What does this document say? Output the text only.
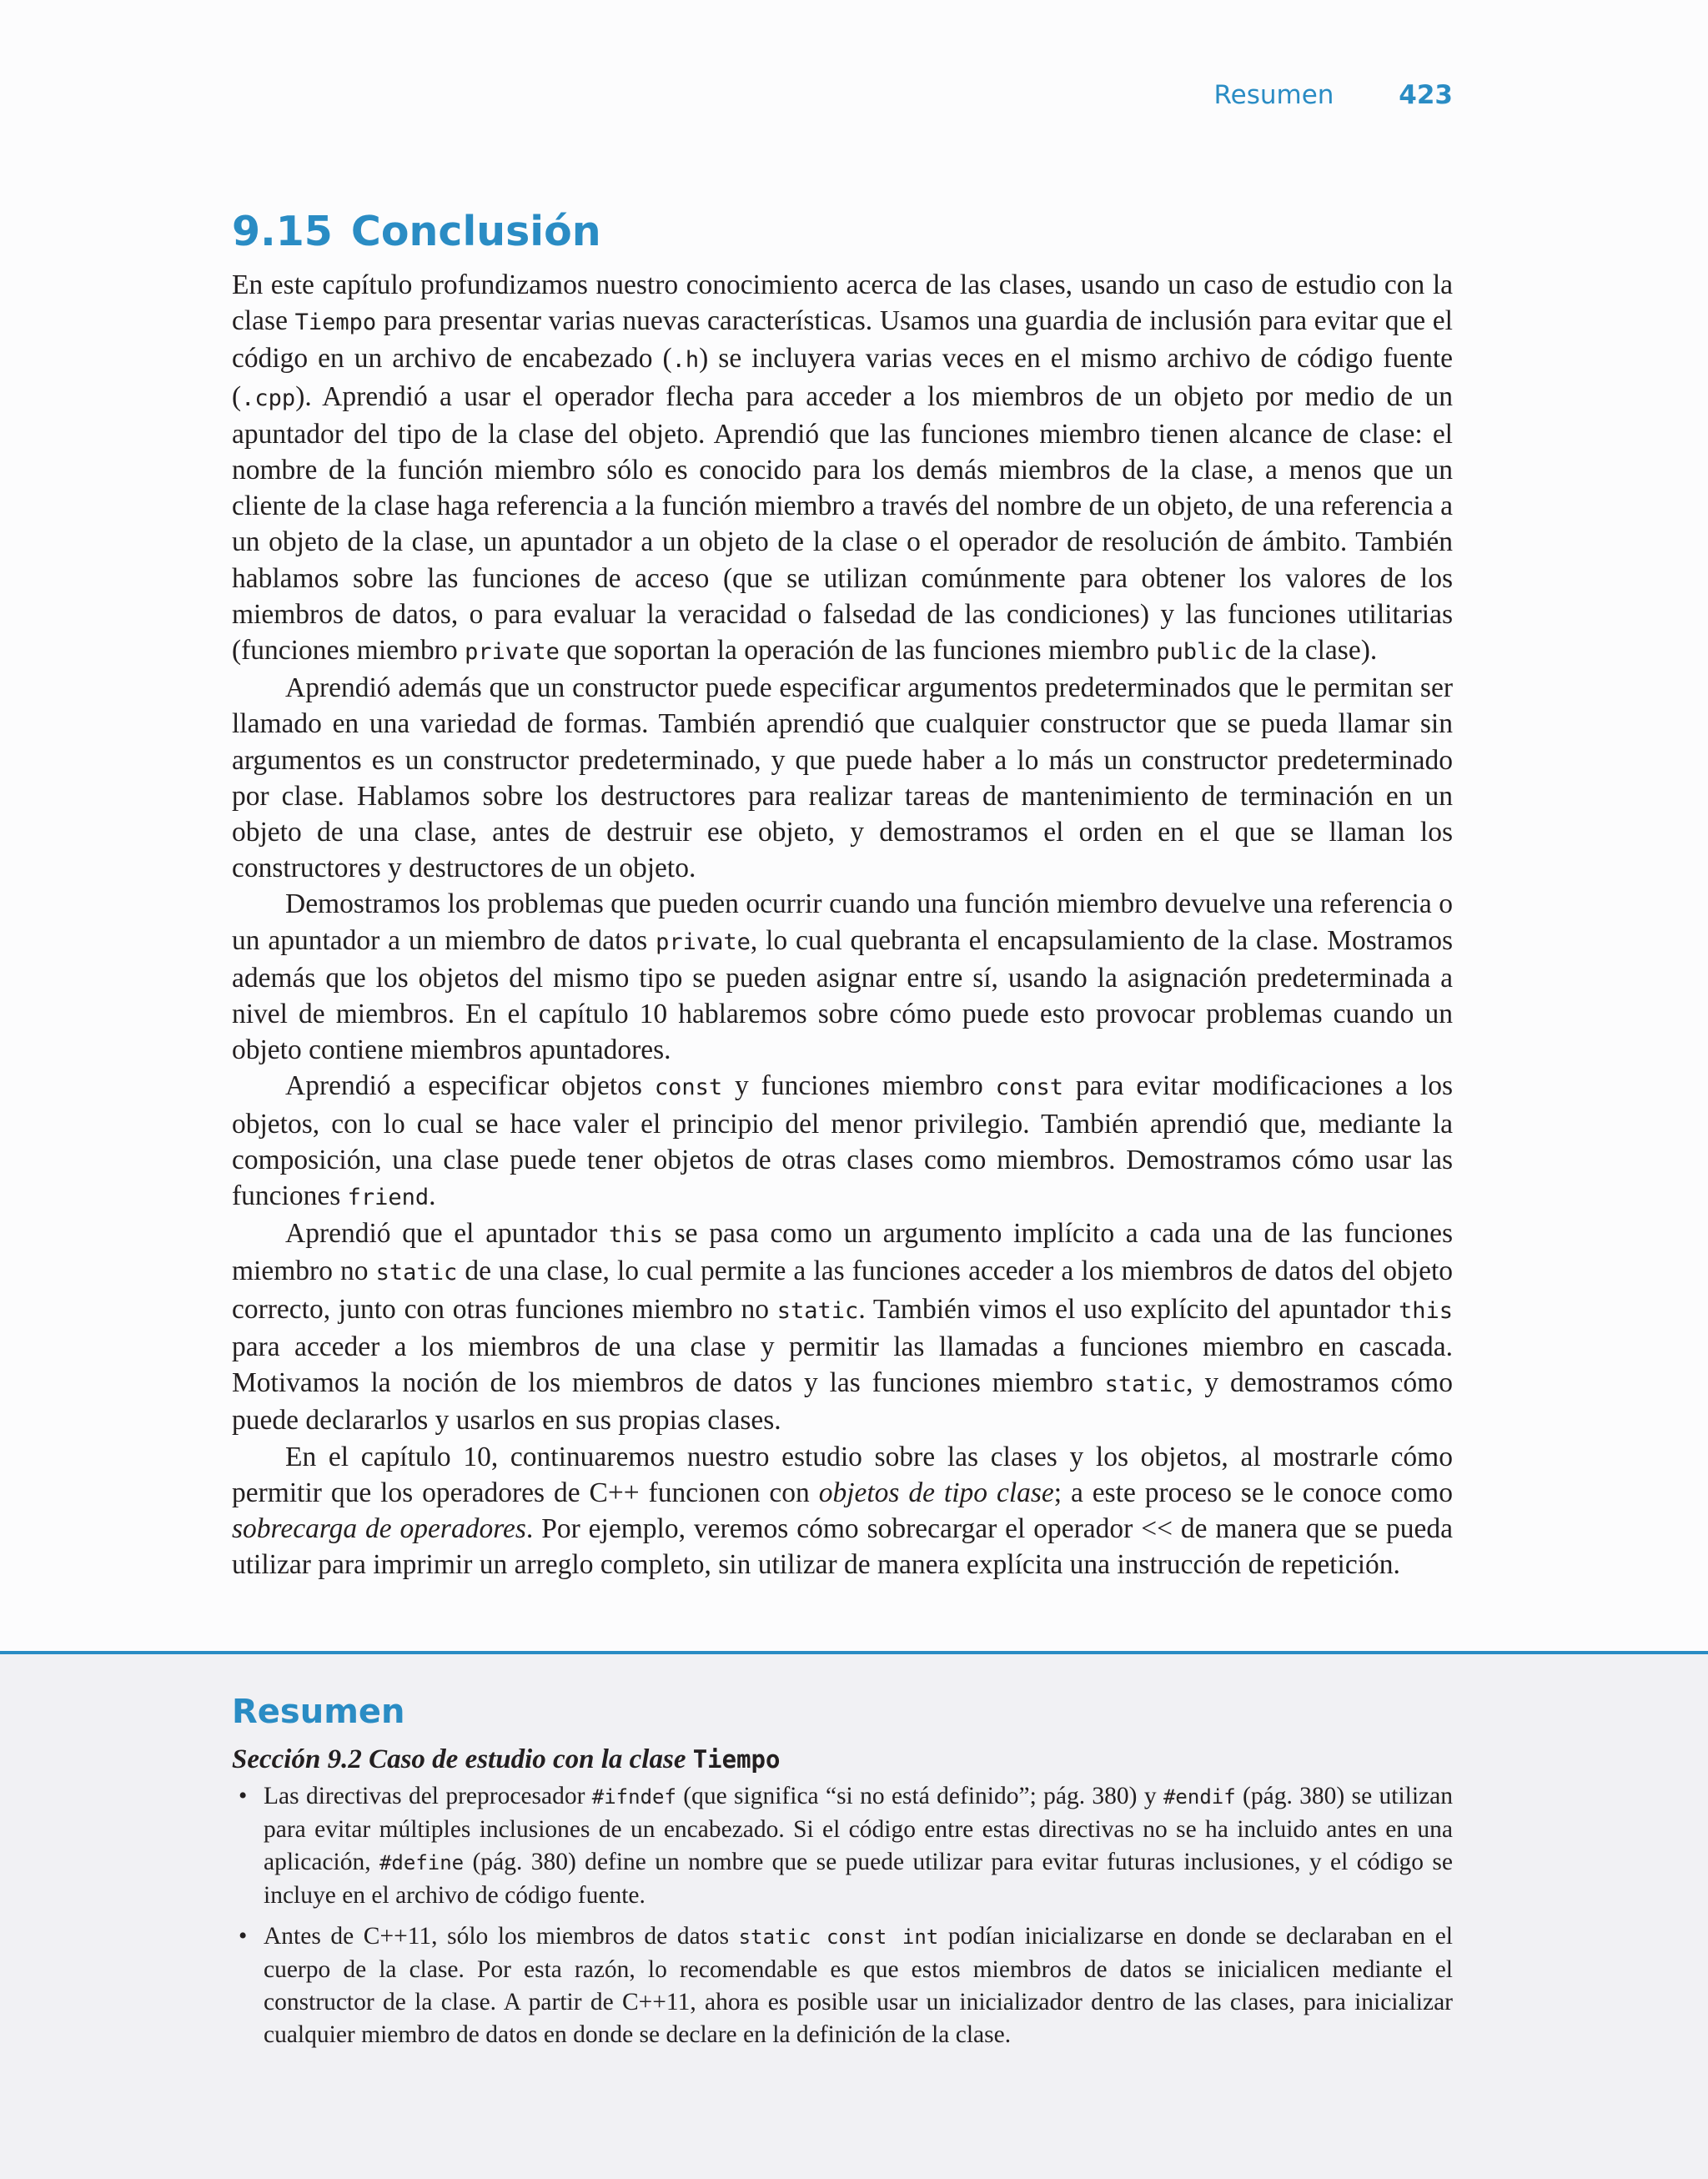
Resumen	423
9.15 Conclusión

En este capítulo profundizamos nuestro conocimiento acerca de las clases, usando un caso de estudio con la clase Tiempo para presentar varias nuevas características. Usamos una guardia de inclusión para evitar que el código en un archivo de encabezado (.h) se incluyera varias veces en el mismo archivo de código fuente (.cpp). Aprendió a usar el operador flecha para acceder a los miembros de un objeto por medio de un apuntador del tipo de la clase del objeto. Aprendió que las funciones miembro tienen alcance de clase: el nombre de la función miembro sólo es conocido para los demás miembros de la clase, a menos que un cliente de la clase haga referencia a la función miembro a través del nombre de un objeto, de una referencia a un objeto de la clase, un apuntador a un objeto de la clase o el operador de resolución de ámbito. También hablamos sobre las funciones de acceso (que se utilizan comúnmente para obtener los valores de los miembros de datos, o para evaluar la veracidad o falsedad de las condiciones) y las funciones utilitarias (funciones miembro private que soportan la operación de las funciones miembro public de la clase).

Aprendió además que un constructor puede especificar argumentos predeterminados que le permitan ser llamado en una variedad de formas. También aprendió que cualquier constructor que se pueda llamar sin argumentos es un constructor predeterminado, y que puede haber a lo más un constructor predeterminado por clase. Hablamos sobre los destructores para realizar tareas de mantenimiento de terminación en un objeto de una clase, antes de destruir ese objeto, y demostramos el orden en el que se llaman los constructores y destructores de un objeto.

Demostramos los problemas que pueden ocurrir cuando una función miembro devuelve una referencia o un apuntador a un miembro de datos private, lo cual quebranta el encapsulamiento de la clase. Mostramos además que los objetos del mismo tipo se pueden asignar entre sí, usando la asignación predeterminada a nivel de miembros. En el capítulo 10 hablaremos sobre cómo puede esto provocar problemas cuando un objeto contiene miembros apuntadores.

Aprendió a especificar objetos const y funciones miembro const para evitar modificaciones a los objetos, con lo cual se hace valer el principio del menor privilegio. También aprendió que, mediante la composición, una clase puede tener objetos de otras clases como miembros. Demostramos cómo usar las funciones friend.

Aprendió que el apuntador this se pasa como un argumento implícito a cada una de las funciones miembro no static de una clase, lo cual permite a las funciones acceder a los miembros de datos del objeto correcto, junto con otras funciones miembro no static. También vimos el uso explícito del apuntador this para acceder a los miembros de una clase y permitir las llamadas a funciones miembro en cascada. Motivamos la noción de los miembros de datos y las funciones miembro static, y demostramos cómo puede declararlos y usarlos en sus propias clases.

En el capítulo 10, continuaremos nuestro estudio sobre las clases y los objetos, al mostrarle cómo permitir que los operadores de C++ funcionen con objetos de tipo clase; a este proceso se le conoce como sobrecarga de operadores. Por ejemplo, veremos cómo sobrecargar el operador << de manera que se pueda utilizar para imprimir un arreglo completo, sin utilizar de manera explícita una instrucción de repetición.

Resumen
Sección 9.2 Caso de estudio con la clase Tiempo
• Las directivas del preprocesador #ifndef (que significa “si no está definido”; pág. 380) y #endif (pág. 380) se utilizan para evitar múltiples inclusiones de un encabezado. Si el código entre estas directivas no se ha incluido antes en una aplicación, #define (pág. 380) define un nombre que se puede utilizar para evitar futuras inclusiones, y el código se incluye en el archivo de código fuente.
• Antes de C++11, sólo los miembros de datos static const int podían inicializarse en donde se declaraban en el cuerpo de la clase. Por esta razón, lo recomendable es que estos miembros de datos se inicialicen mediante el constructor de la clase. A partir de C++11, ahora es posible usar un inicializador dentro de las clases, para inicializar cualquier miembro de datos en donde se declare en la definición de la clase.
